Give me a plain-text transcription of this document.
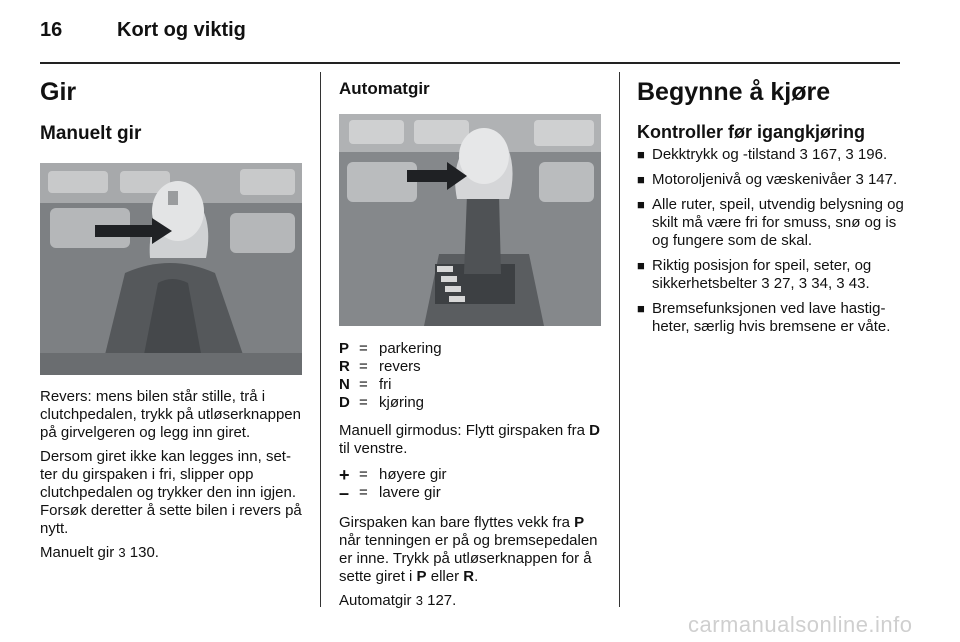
16	Kort og viktig
Gir
Manuelt gir

Revers: mens bilen står stille, trå i clutchpedalen, trykk på utløserknappen på girvelgeren og legg inn giret.

Dersom giret ikke kan legges inn, setter du girspaken i fri, slipper opp clutchpedalen og trykker den inn igjen. Forsøk deretter å sette bilen i revers på nytt.

Manuelt gir 3 130.

Automatgir
P	=	parkering
R	=	revers
N	=	fri
D	=	kjøring

Manuell girmodus: Flytt girspaken fra D til venstre.

+	=	høyere gir
–	=	lavere gir

Girspaken kan bare flyttes vekk fra P når tenningen er på og bremsepedalen er inne. Trykk på utløserknappen for å sette giret i P eller R.

Automatgir 3 127.

Begynne å kjøre
Kontroller før igangkjøring
■ Dekktrykk og -tilstand 3 167, 3 196.
■ Motoroljenivå og væskenivåer 3 147.
■ Alle ruter, speil, utvendig belysning og skilt må være fri for smuss, snø og is og fungere som de skal.
■ Riktig posisjon for speil, seter, og sikkerhetsbelter 3 27, 3 34, 3 43.
■ Bremsefunksjonen ved lave hastigheter, særlig hvis bremsene er våte.
carmanualsonline.info
